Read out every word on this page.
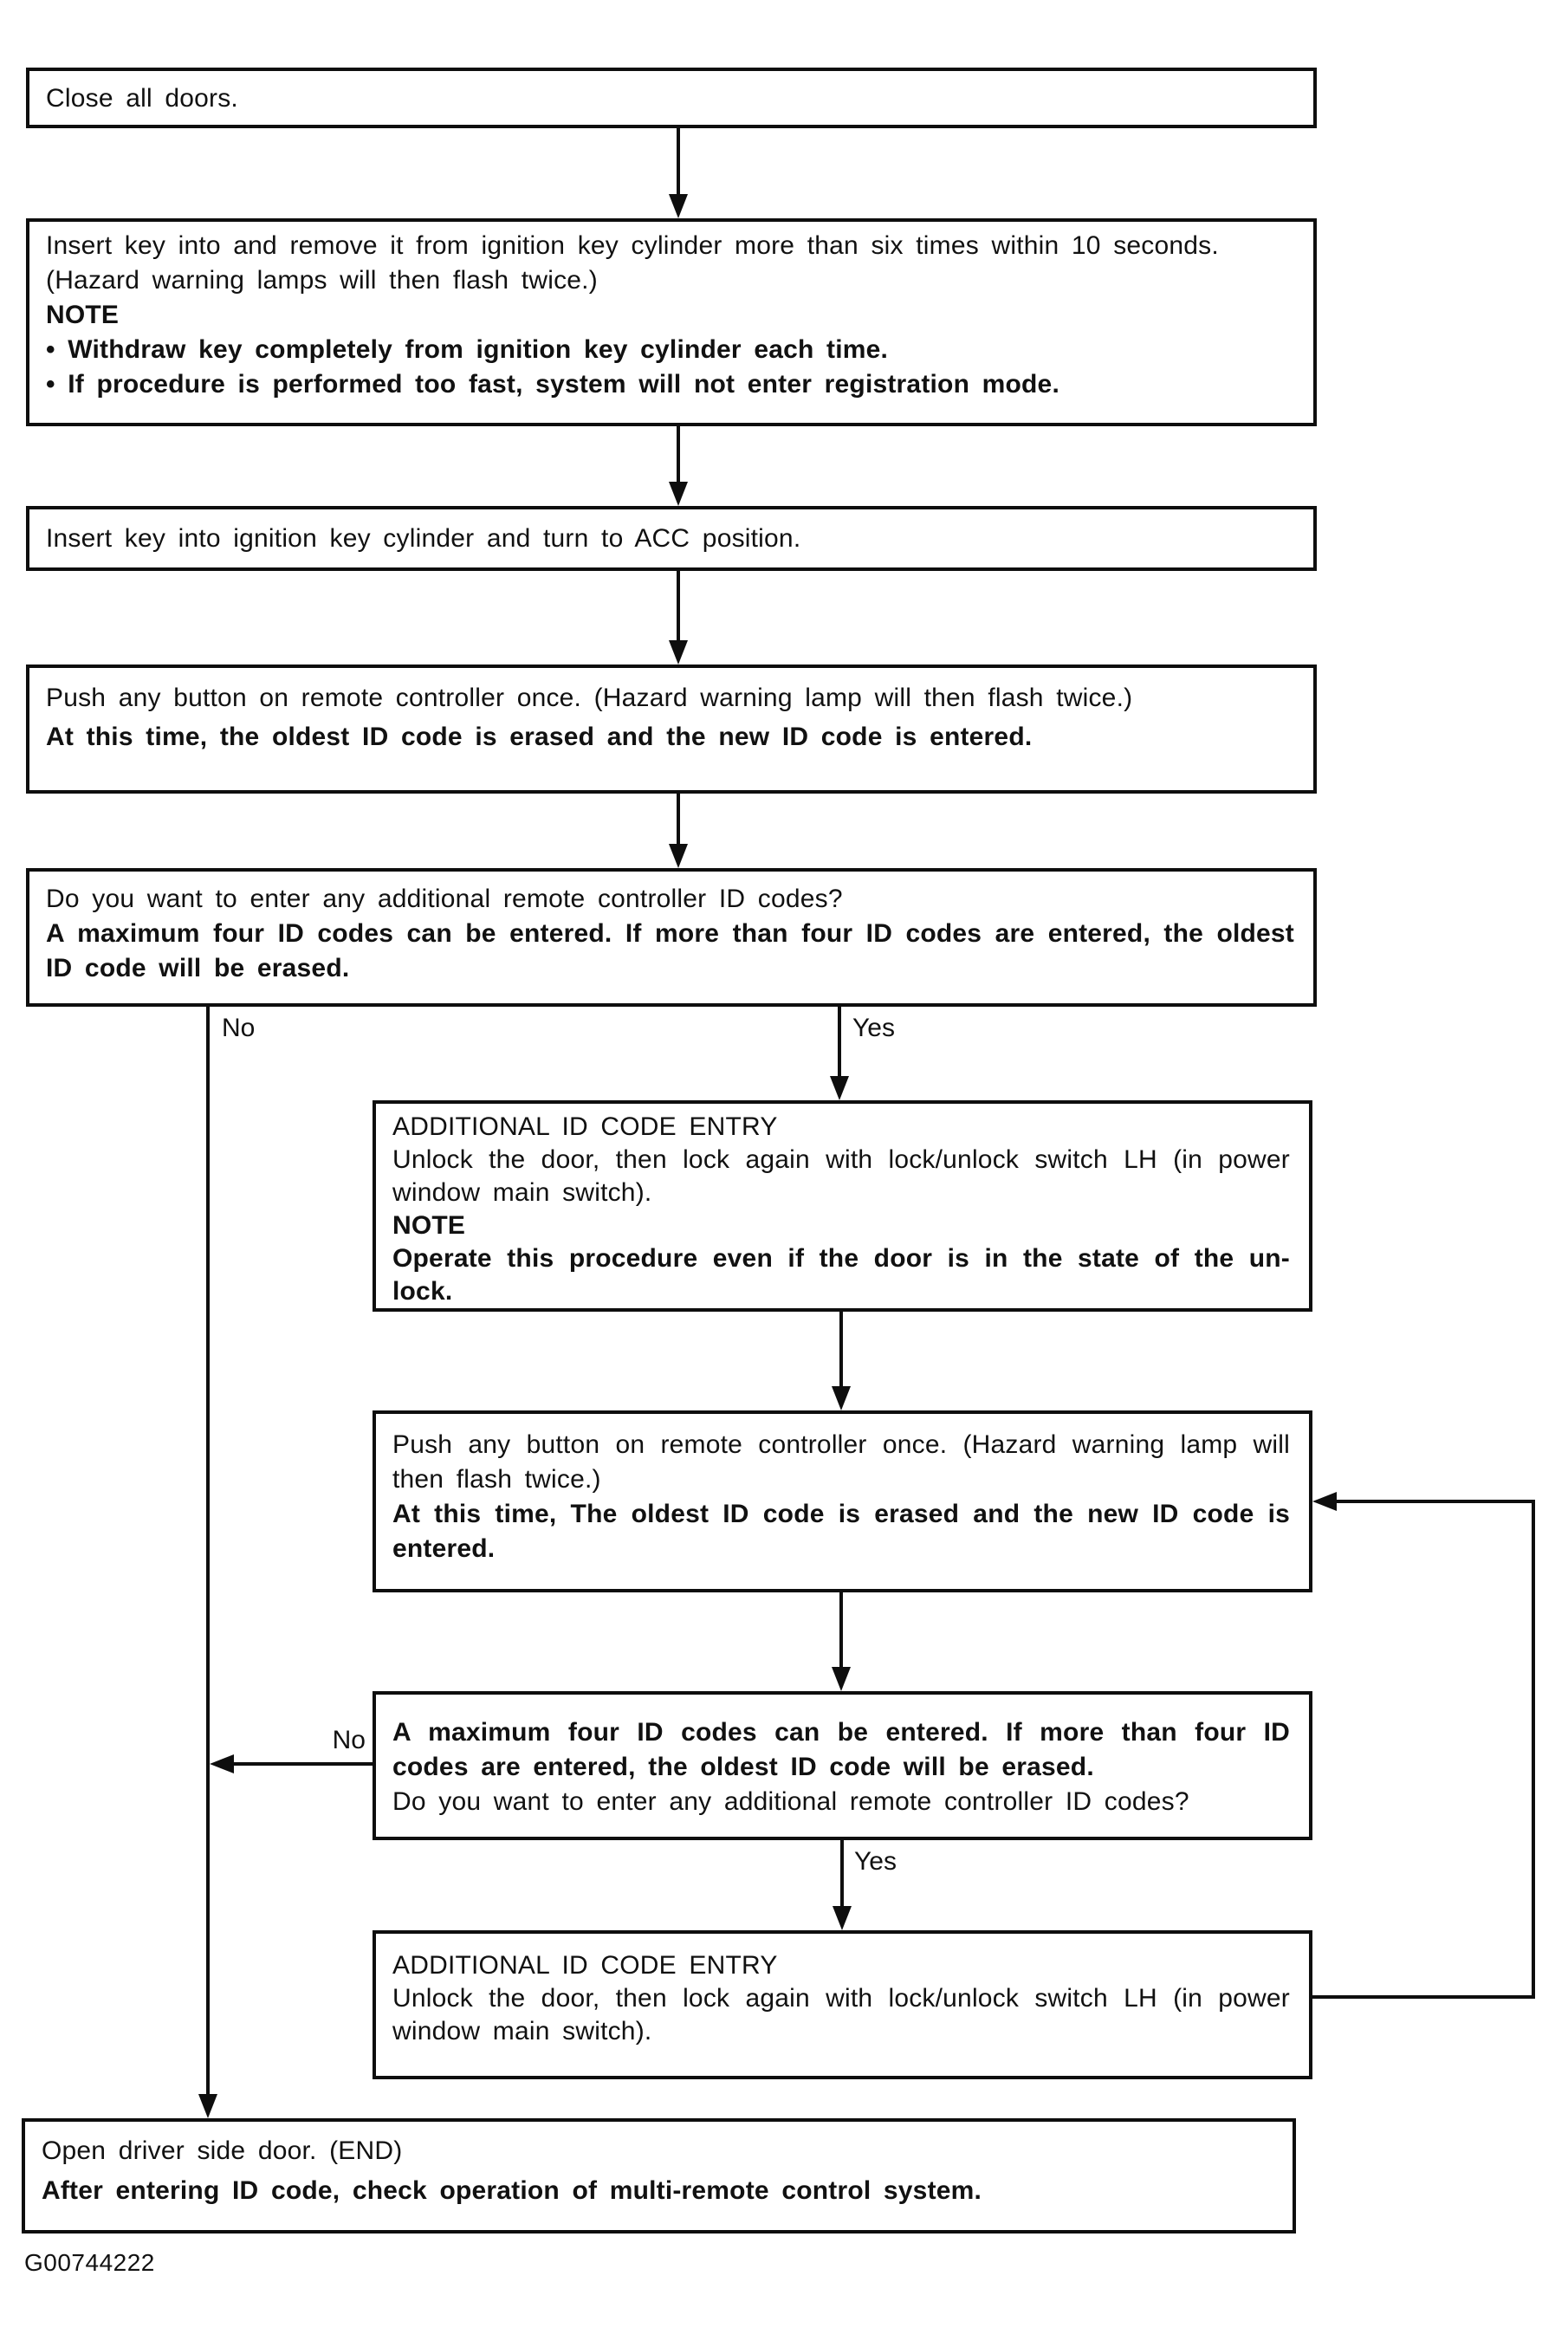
Close all doors.

Insert key into and remove it from ignition key cylinder more than six times within 10 seconds.

(Hazard warning lamps will then flash twice.)

NOTE

• Withdraw key completely from ignition key cylinder each time.

• If procedure is performed too fast, system will not enter registration mode.

Insert key into ignition key cylinder and turn to ACC position.

Push any button on remote controller once. (Hazard warning lamp will then flash twice.)

At this time, the oldest ID code is erased and the new ID code is entered.

Do you want to enter any additional remote controller ID codes?

A maximum four ID codes can be entered. If more than four ID codes are entered, the oldest ID code will be erased.

ADDITIONAL ID CODE ENTRY

Unlock the door, then lock again with lock/unlock switch LH (in power window main switch).

NOTE

Operate this procedure even if the door is in the state of the un-lock.

Push any button on remote controller once. (Hazard warning lamp will then flash twice.)

At this time, The oldest ID code is erased and the new ID code is entered.

A maximum four ID codes can be entered. If more than four ID codes are entered, the oldest ID code will be erased.

Do you want to enter any additional remote controller ID codes?

ADDITIONAL ID CODE ENTRY

Unlock the door, then lock again with lock/unlock switch LH (in power window main switch).

Open driver side door. (END)

After entering ID code, check operation of multi-remote control system.

Yes
No
Yes
No
G00744222
